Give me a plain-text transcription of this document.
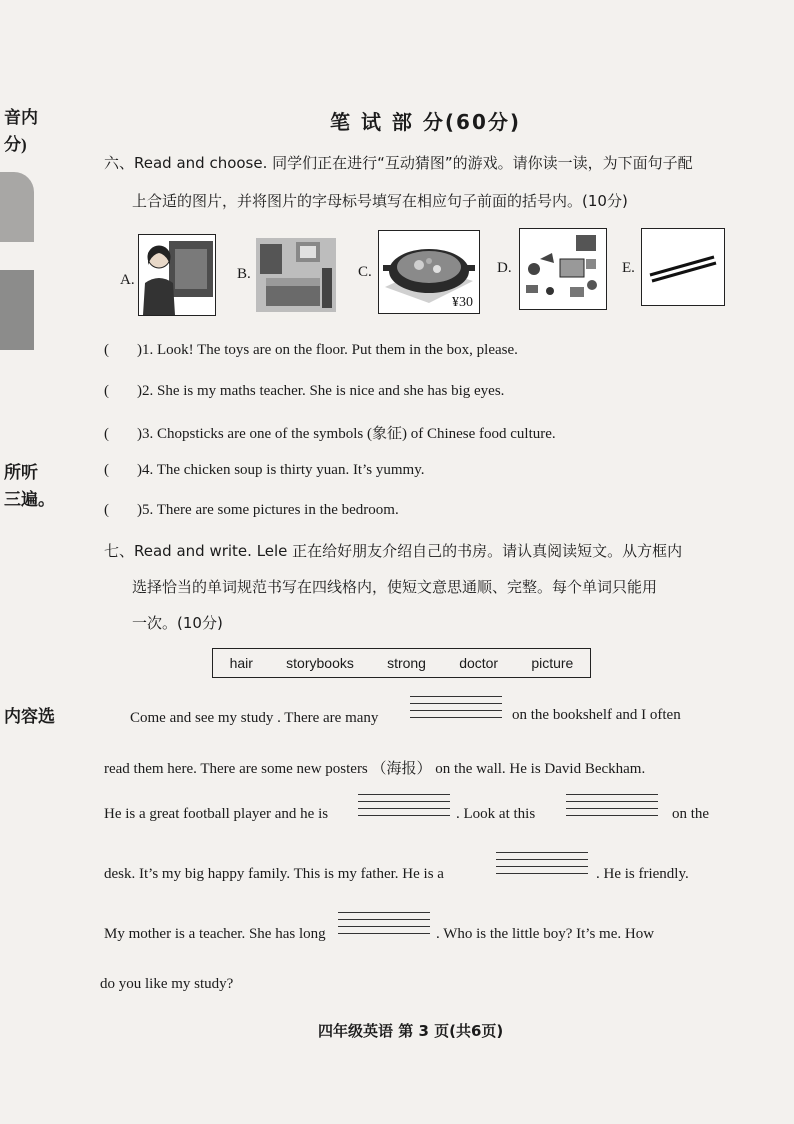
音内
分)
所听
三遍。
内容选
笔 试 部 分(60分)
六、Read and choose. 同学们正在进行“互动猜图”的游戏。请你读一读，为下面句子配
上合适的图片，并将图片的字母标号填写在相应句子前面的括号内。(10分)
A.	B.	C.
¥30
D.	E.
( )1. Look! The toys are on the floor. Put them in the box, please.
( )2. She is my maths teacher. She is nice and she has big eyes.
( )3. Chopsticks are one of the symbols (象征) of Chinese food culture.
( )4. The chicken soup is thirty yuan. It’s yummy.
( )5. There are some pictures in the bedroom.
七、Read and write. Lele 正在给好朋友介绍自己的书房。请认真阅读短文。从方框内
选择恰当的单词规范书写在四线格内，使短文意思通顺、完整。每个单词只能用
一次。(10分)
hair storybooks strong doctor picture
Come and see my study . There are many	on the bookshelf and I often
read them here. There are some new posters （海报） on the wall. He is David Beckham.
He is a great football player and he is	. Look at this	on the
desk. It’s my big happy family. This is my father. He is a	. He is friendly.
My mother is a teacher. She has long	. Who is the little boy? It’s me. How
do you like my study?
四年级英语 第 3 页(共6页)
